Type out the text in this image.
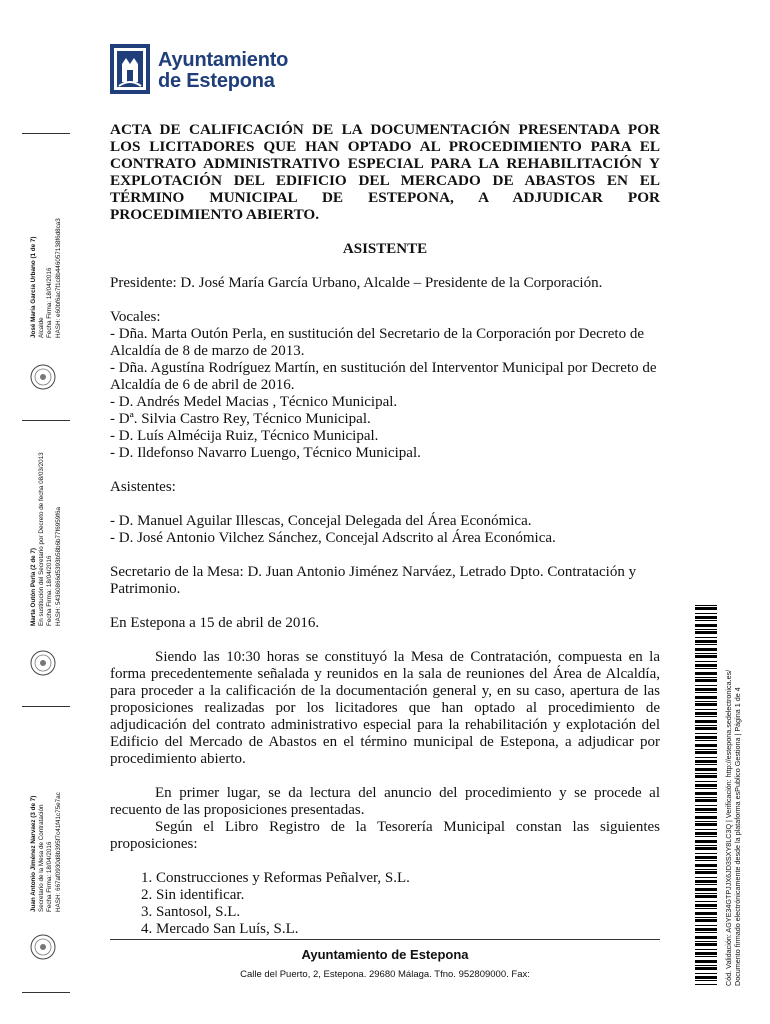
Ayuntamiento
de Estepona
José María García Urbano (1 de 7) Alcalde Fecha Firma: 18/04/2016 HASH: e60bf6ac7f1c8b446057138f6d8ca3
Marta Outón Perla (2 de 7) En sustitución del Secretario por Decreto de fecha 08/03/2013 Fecha Firma: 18/04/2016 HASH: 54360866d5393b58b6b77f6959f6a
Juan Antonio Jiménez Narvaez (3 de 7) Secretario de la Mesa de Contratación Fecha Firma: 18/04/2016 HASH: 667af0930d8b395f7c41f41c75e7ac	Cód. Validación: AGYE34GTPJJX6JD3SXY8LC3Q | Verificación: http://estepona.sedelectronica.es/ Documento firmado electrónicamente desde la plataforma esPublico Gestiona | Página 1 de 4

ACTA DE CALIFICACIÓN DE LA DOCUMENTACIÓN PRESENTADA POR LOS LICITADORES QUE HAN OPTADO AL PROCEDIMIENTO PARA EL CONTRATO ADMINISTRATIVO ESPECIAL PARA LA REHABILITACIÓN Y EXPLOTACIÓN DEL EDIFICIO DEL MERCADO DE ABASTOS EN EL TÉRMINO MUNICIPAL DE ESTEPONA, A ADJUDICAR POR
PROCEDIMIENTO ABIERTO.

ASISTENTE

Presidente: D. José María García Urbano, Alcalde – Presidente de la Corporación.

Vocales:

- Dña. Marta Outón Perla, en sustitución del Secretario de la Corporación por Decreto de Alcaldía de 8 de marzo de 2013.

- Dña. Agustína Rodríguez Martín, en sustitución del Interventor Municipal por Decreto de Alcaldía de 6 de abril de 2016.

- D. Andrés Medel Macias , Técnico Municipal.

- Dª. Silvia Castro Rey, Técnico Municipal.

- D. Luís Almécija Ruiz, Técnico Municipal.

- D. Ildefonso Navarro Luengo, Técnico Municipal.

Asistentes:

- D. Manuel Aguilar Illescas, Concejal Delegada del Área Económica.

- D. José Antonio Vilchez Sánchez, Concejal Adscrito al Área Económica.

Secretario de la Mesa: D. Juan Antonio Jiménez Narváez, Letrado Dpto. Contratación y Patrimonio.

En Estepona a 15 de abril de 2016.

Siendo las 10:30 horas se constituyó la Mesa de Contratación, compuesta en la forma precedentemente señalada y reunidos en la sala de reuniones del Área de Alcaldía, para proceder a la calificación de la documentación general y, en su caso, apertura de las proposiciones realizadas por los licitadores que han optado al procedimiento de adjudicación del contrato administrativo especial para la rehabilitación y explotación del Edificio del Mercado de Abastos en el término municipal de Estepona, a adjudicar por procedimiento abierto.

En primer lugar, se da lectura del anuncio del procedimiento y se procede al recuento de las proposiciones presentadas.

Según el Libro Registro de la Tesorería Municipal constan las siguientes proposiciones:

1. Construcciones y Reformas Peñalver, S.L.
2. Sin identificar.
3. Santosol, S.L.
4. Mercado San Luís, S.L.
Ayuntamiento de Estepona
Calle del Puerto, 2, Estepona. 29680 Málaga. Tfno. 952809000. Fax:
